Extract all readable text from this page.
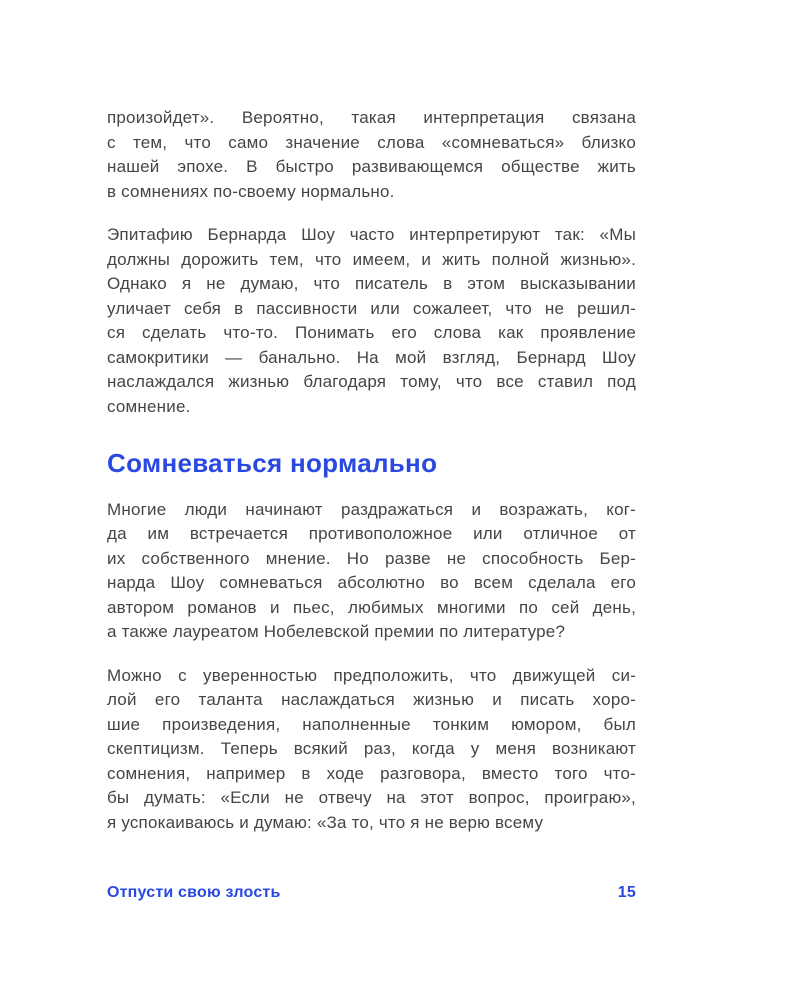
произойдет». Вероятно, такая интерпретация связана
с тем, что само значение слова «сомневаться» близко
нашей эпохе. В быстро развивающемся обществе жить
в сомнениях по-своему нормально.
Эпитафию Бернарда Шоу часто интерпретируют так: «Мы
должны дорожить тем, что имеем, и жить полной жизнью».
Однако я не думаю, что писатель в этом высказывании
уличает себя в пассивности или сожалеет, что не решил-
ся сделать что-то. Понимать его слова как проявление
самокритики — банально. На мой взгляд, Бернард Шоу
наслаждался жизнью благодаря тому, что все ставил под
сомнение.
Сомневаться нормально
Многие люди начинают раздражаться и возражать, ког-
да им встречается противоположное или отличное от
их собственного мнение. Но разве не способность Бер-
нарда Шоу сомневаться абсолютно во всем сделала его
автором романов и пьес, любимых многими по сей день,
а также лауреатом Нобелевской премии по литературе?
Можно с уверенностью предположить, что движущей си-
лой его таланта наслаждаться жизнью и писать хоро-
шие произведения, наполненные тонким юмором, был
скептицизм. Теперь всякий раз, когда у меня возникают
сомнения, например в ходе разговора, вместо того что-
бы думать: «Если не отвечу на этот вопрос, проиграю»,
я успокаиваюсь и думаю: «За то, что я не верю всему
Отпусти свою злость	15
